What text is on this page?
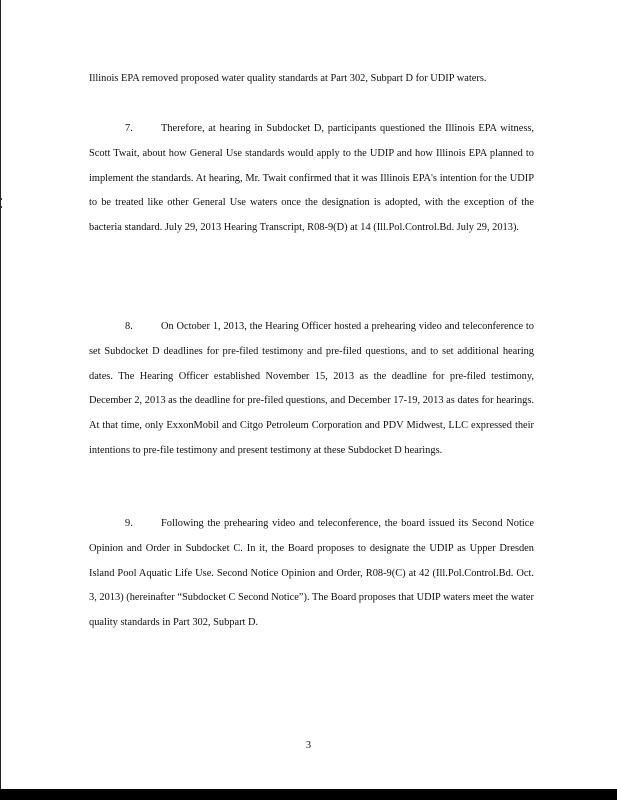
Illinois EPA removed proposed water quality standards at Part 302, Subpart D for UDIP waters.

7.	Therefore, at hearing in Subdocket D, participants questioned the Illinois EPA witness, Scott Twait, about how General Use standards would apply to the UDIP and how Illinois EPA planned to implement the standards. At hearing, Mr. Twait confirmed that it was Illinois EPA's intention for the UDIP to be treated like other General Use waters once the designation is adopted, with the exception of the bacteria standard. July 29, 2013 Hearing Transcript, R08-9(D) at 14 (Ill.Pol.Control.Bd. July 29, 2013).

8.	On October 1, 2013, the Hearing Officer hosted a prehearing video and teleconference to set Subdocket D deadlines for pre-filed testimony and pre-filed questions, and to set additional hearing dates. The Hearing Officer established November 15, 2013 as the deadline for pre-filed testimony, December 2, 2013 as the deadline for pre-filed questions, and December 17-19, 2013 as dates for hearings. At that time, only ExxonMobil and Citgo Petroleum Corporation and PDV Midwest, LLC expressed their intentions to pre-file testimony and present testimony at these Subdocket D hearings.

9.	Following the prehearing video and teleconference, the board issued its Second Notice Opinion and Order in Subdocket C. In it, the Board proposes to designate the UDIP as Upper Dresden Island Pool Aquatic Life Use. Second Notice Opinion and Order, R08-9(C) at 42 (Ill.Pol.Control.Bd. Oct. 3, 2013) (hereinafter “Subdocket C Second Notice”). The Board proposes that UDIP waters meet the water quality standards in Part 302, Subpart D.

3
